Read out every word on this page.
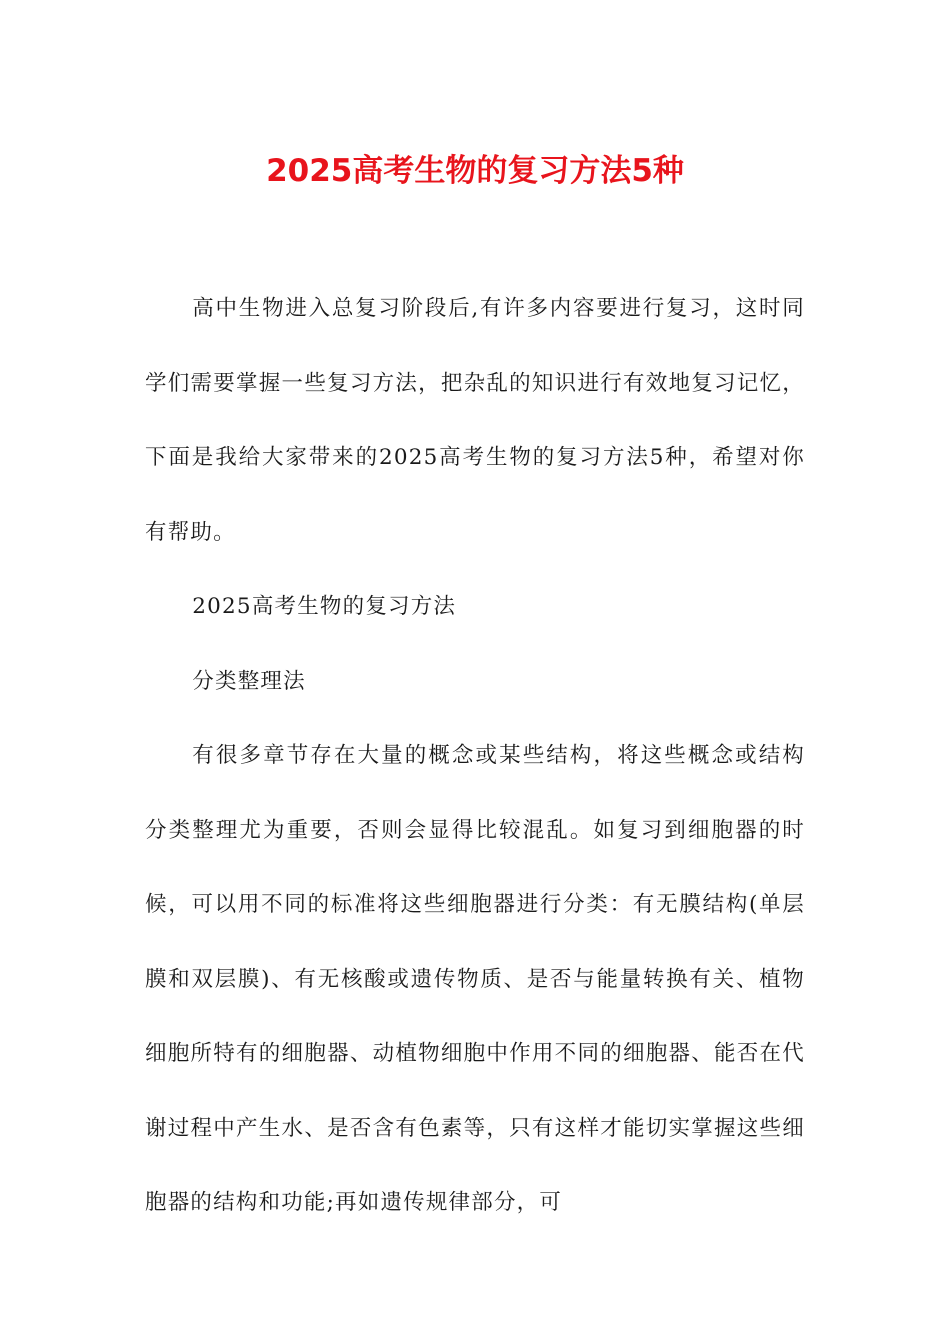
2025高考生物的复习方法5种

高中生物进入总复习阶段后,有许多内容要进行复习，这时同学们需要掌握一些复习方法，把杂乱的知识进行有效地复习记忆，下面是我给大家带来的2025高考生物的复习方法5种，希望对你有帮助。

2025高考生物的复习方法

分类整理法

有很多章节存在大量的概念或某些结构，将这些概念或结构分类整理尤为重要，否则会显得比较混乱。如复习到细胞器的时候，可以用不同的标准将这些细胞器进行分类：有无膜结构(单层膜和双层膜)、有无核酸或遗传物质、是否与能量转换有关、植物细胞所特有的细胞器、动植物细胞中作用不同的细胞器、能否在代谢过程中产生水、是否含有色素等，只有这样才能切实掌握这些细胞器的结构和功能;再如遗传规律部分，可
